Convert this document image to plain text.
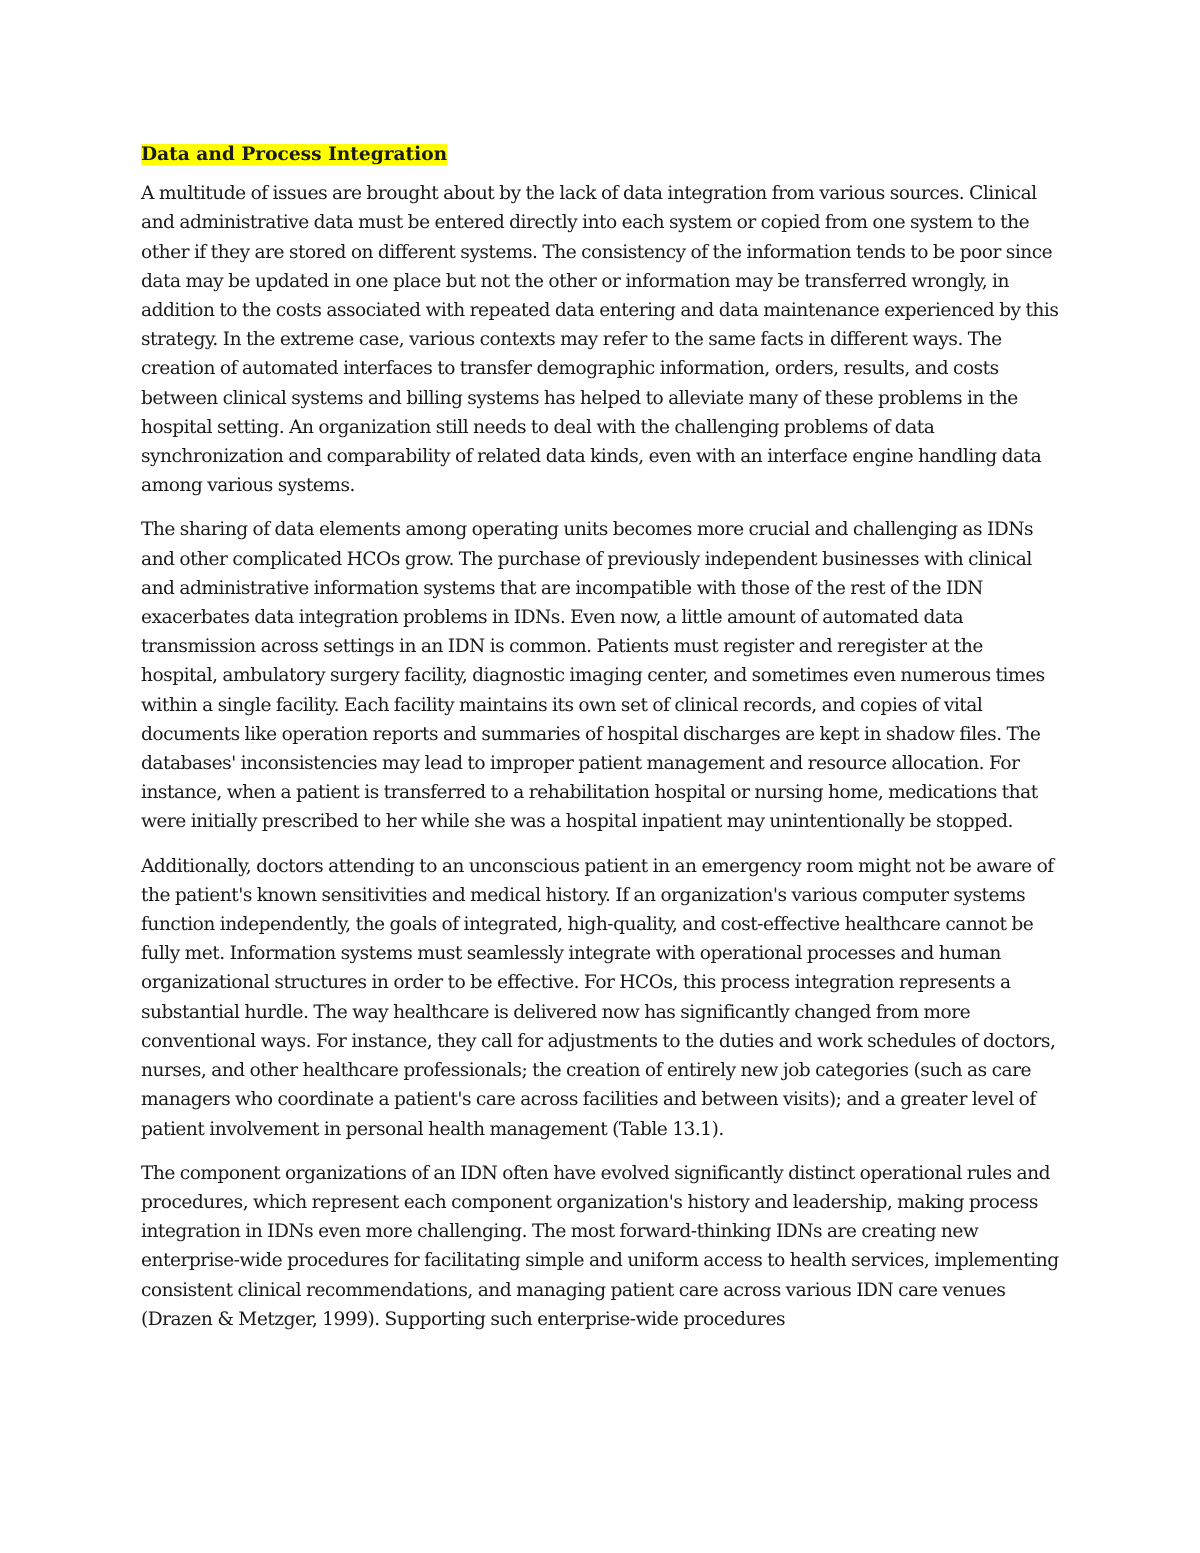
Data and Process Integration

A multitude of issues are brought about by the lack of data integration from various sources. Clinical and administrative data must be entered directly into each system or copied from one system to the other if they are stored on different systems. The consistency of the information tends to be poor since data may be updated in one place but not the other or information may be transferred wrongly, in addition to the costs associated with repeated data entering and data maintenance experienced by this strategy. In the extreme case, various contexts may refer to the same facts in different ways. The creation of automated interfaces to transfer demographic information, orders, results, and costs between clinical systems and billing systems has helped to alleviate many of these problems in the hospital setting. An organization still needs to deal with the challenging problems of data synchronization and comparability of related data kinds, even with an interface engine handling data among various systems.

The sharing of data elements among operating units becomes more crucial and challenging as IDNs and other complicated HCOs grow. The purchase of previously independent businesses with clinical and administrative information systems that are incompatible with those of the rest of the IDN exacerbates data integration problems in IDNs. Even now, a little amount of automated data transmission across settings in an IDN is common. Patients must register and reregister at the hospital, ambulatory surgery facility, diagnostic imaging center, and sometimes even numerous times within a single facility. Each facility maintains its own set of clinical records, and copies of vital documents like operation reports and summaries of hospital discharges are kept in shadow files. The databases' inconsistencies may lead to improper patient management and resource allocation. For instance, when a patient is transferred to a rehabilitation hospital or nursing home, medications that were initially prescribed to her while she was a hospital inpatient may unintentionally be stopped.

Additionally, doctors attending to an unconscious patient in an emergency room might not be aware of the patient's known sensitivities and medical history. If an organization's various computer systems function independently, the goals of integrated, high-quality, and cost-effective healthcare cannot be fully met. Information systems must seamlessly integrate with operational processes and human organizational structures in order to be effective. For HCOs, this process integration represents a substantial hurdle. The way healthcare is delivered now has significantly changed from more conventional ways. For instance, they call for adjustments to the duties and work schedules of doctors, nurses, and other healthcare professionals; the creation of entirely new job categories (such as care managers who coordinate a patient's care across facilities and between visits); and a greater level of patient involvement in personal health management (Table 13.1).

The component organizations of an IDN often have evolved significantly distinct operational rules and procedures, which represent each component organization's history and leadership, making process integration in IDNs even more challenging. The most forward-thinking IDNs are creating new enterprise-wide procedures for facilitating simple and uniform access to health services, implementing consistent clinical recommendations, and managing patient care across various IDN care venues (Drazen & Metzger, 1999). Supporting such enterprise-wide procedures
